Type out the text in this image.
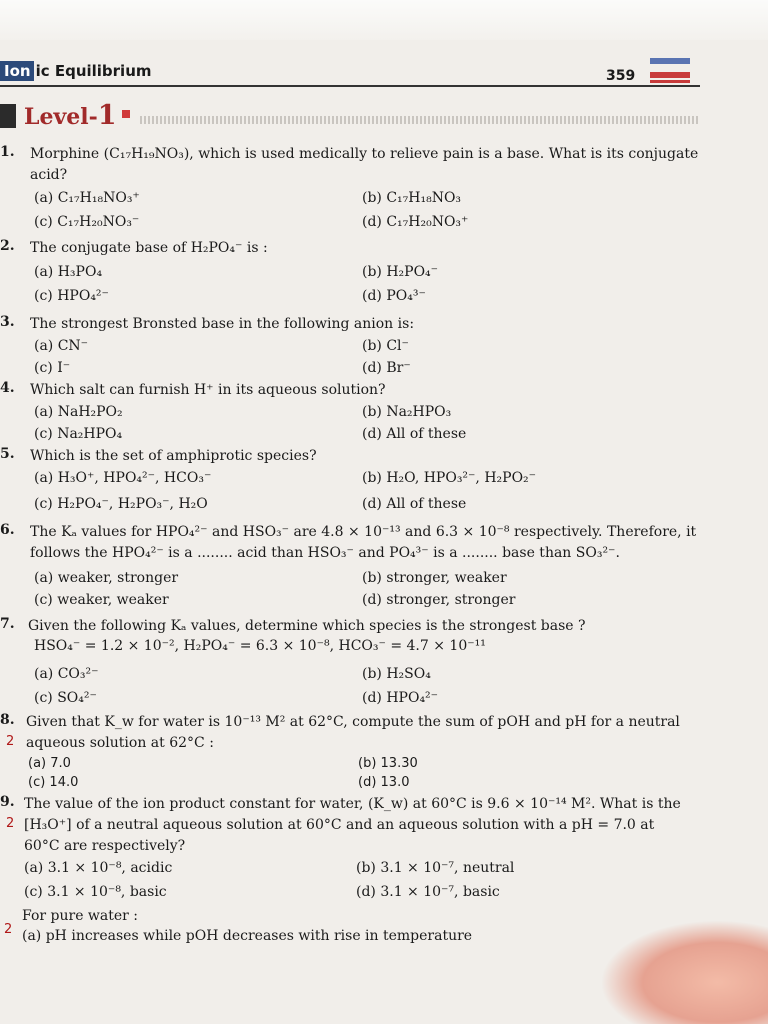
Ion ic Equilibrium	359
Level-1
1. Morphine (C₁₇H₁₉NO₃), which is used medically to relieve pain is a base. What is its conjugate acid?
(a) C₁₇H₁₈NO₃⁺	(b) C₁₇H₁₈NO₃
(c) C₁₇H₂₀NO₃⁻	(d) C₁₇H₂₀NO₃⁺
2. The conjugate base of H₂PO₄⁻ is :
(a) H₃PO₄	(b) H₂PO₄⁻
(c) HPO₄²⁻	(d) PO₄³⁻
3. The strongest Bronsted base in the following anion is:
(a) CN⁻	(b) Cl⁻
(c) I⁻	(d) Br⁻
4. Which salt can furnish H⁺ in its aqueous solution?
(a) NaH₂PO₂	(b) Na₂HPO₃
(c) Na₂HPO₄	(d) All of these
5. Which is the set of amphiprotic species?
(a) H₃O⁺, HPO₄²⁻, HCO₃⁻	(b) H₂O, HPO₃²⁻, H₂PO₂⁻
(c) H₂PO₄⁻, H₂PO₃⁻, H₂O	(d) All of these
6. The Kₐ values for HPO₄²⁻ and HSO₃⁻ are 4.8 × 10⁻¹³ and 6.3 × 10⁻⁸ respectively. Therefore, it follows the HPO₄²⁻ is a ........ acid than HSO₃⁻ and PO₄³⁻ is a ........ base than SO₃²⁻.
(a) weaker, stronger	(b) stronger, weaker
(c) weaker, weaker	(d) stronger, stronger
7. Given the following Kₐ values, determine which species is the strongest base ?
HSO₄⁻ = 1.2 × 10⁻², H₂PO₄⁻ = 6.3 × 10⁻⁸, HCO₃⁻ = 4.7 × 10⁻¹¹
(a) CO₃²⁻	(b) H₂SO₄
(c) SO₄²⁻	(d) HPO₄²⁻
8.
2
Given that K_w for water is 10⁻¹³ M² at 62°C, compute the sum of pOH and pH for a neutral aqueous solution at 62°C :
(a) 7.0	(b) 13.30
(c) 14.0	(d) 13.0
9.
2
The value of the ion product constant for water, (K_w) at 60°C is 9.6 × 10⁻¹⁴ M². What is the [H₃O⁺] of a neutral aqueous solution at 60°C and an aqueous solution with a pH = 7.0 at 60°C are respectively?
(a) 3.1 × 10⁻⁸, acidic	(b) 3.1 × 10⁻⁷, neutral
(c) 3.1 × 10⁻⁸, basic	(d) 3.1 × 10⁻⁷, basic
2
For pure water :
(a) pH increases while pOH decreases with rise in temperature
